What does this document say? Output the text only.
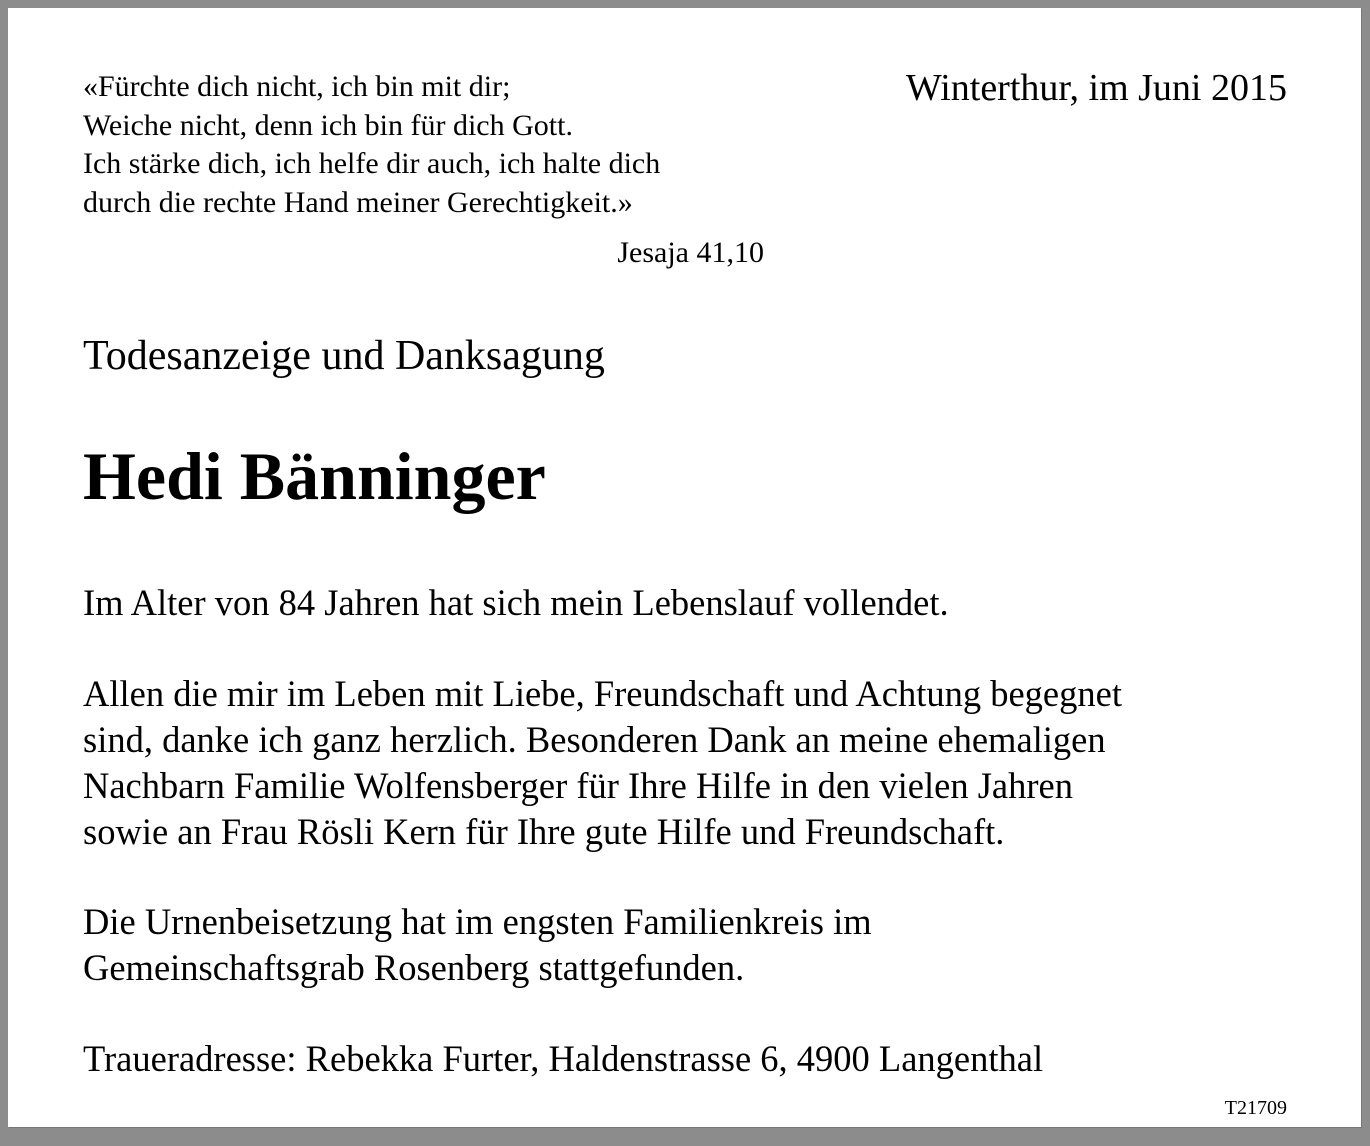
«Fürchte dich nicht, ich bin mit dir;
Weiche nicht, denn ich bin für dich Gott.
Ich stärke dich, ich helfe dir auch, ich halte dich
durch die rechte Hand meiner Gerechtigkeit.»
Jesaja 41,10
Winterthur, im Juni 2015
Todesanzeige und Danksagung
Hedi Bänninger
Im Alter von 84 Jahren hat sich mein Lebenslauf vollendet.
Allen die mir im Leben mit Liebe, Freundschaft und Achtung begegnet
sind, danke ich ganz herzlich. Besonderen Dank an meine ehemaligen
Nachbarn Familie Wolfensberger für Ihre Hilfe in den vielen Jahren
sowie an Frau Rösli Kern für Ihre gute Hilfe und Freundschaft.
Die Urnenbeisetzung hat im engsten Familienkreis im
Gemeinschaftsgrab Rosenberg stattgefunden.
Traueradresse: Rebekka Furter, Haldenstrasse 6, 4900 Langenthal
T21709
